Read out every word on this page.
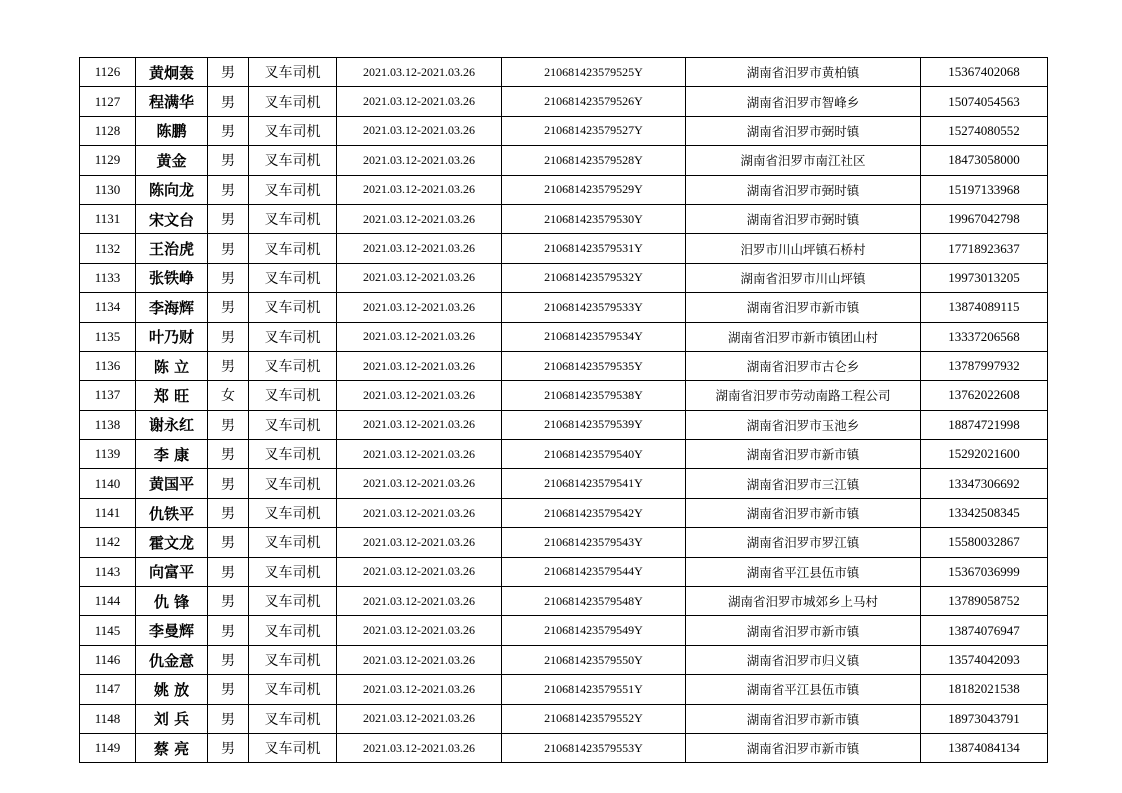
1126	黄炯轰	男	叉车司机	2021.03.12-2021.03.26	210681423579525Y	湖南省汨罗市黄柏镇	15367402068
1127	程满华	男	叉车司机	2021.03.12-2021.03.26	210681423579526Y	湖南省汨罗市智峰乡	15074054563
1128	陈鹏	男	叉车司机	2021.03.12-2021.03.26	210681423579527Y	湖南省汨罗市弼时镇	15274080552
1129	黄金	男	叉车司机	2021.03.12-2021.03.26	210681423579528Y	湖南省汨罗市南江社区	18473058000
1130	陈向龙	男	叉车司机	2021.03.12-2021.03.26	210681423579529Y	湖南省汨罗市弼时镇	15197133968
1131	宋文台	男	叉车司机	2021.03.12-2021.03.26	210681423579530Y	湖南省汨罗市弼时镇	19967042798
1132	王治虎	男	叉车司机	2021.03.12-2021.03.26	210681423579531Y	汨罗市川山坪镇石桥村	17718923637
1133	张铁峥	男	叉车司机	2021.03.12-2021.03.26	210681423579532Y	湖南省汨罗市川山坪镇	19973013205
1134	李海辉	男	叉车司机	2021.03.12-2021.03.26	210681423579533Y	湖南省汨罗市新市镇	13874089115
1135	叶乃财	男	叉车司机	2021.03.12-2021.03.26	210681423579534Y	湖南省汨罗市新市镇团山村	13337206568
1136	陈 立	男	叉车司机	2021.03.12-2021.03.26	210681423579535Y	湖南省汨罗市古仑乡	13787997932
1137	郑 旺	女	叉车司机	2021.03.12-2021.03.26	210681423579538Y	湖南省汨罗市劳动南路工程公司	13762022608
1138	谢永红	男	叉车司机	2021.03.12-2021.03.26	210681423579539Y	湖南省汨罗市玉池乡	18874721998
1139	李 康	男	叉车司机	2021.03.12-2021.03.26	210681423579540Y	湖南省汨罗市新市镇	15292021600
1140	黄国平	男	叉车司机	2021.03.12-2021.03.26	210681423579541Y	湖南省汨罗市三江镇	13347306692
1141	仇铁平	男	叉车司机	2021.03.12-2021.03.26	210681423579542Y	湖南省汨罗市新市镇	13342508345
1142	霍文龙	男	叉车司机	2021.03.12-2021.03.26	210681423579543Y	湖南省汨罗市罗江镇	15580032867
1143	向富平	男	叉车司机	2021.03.12-2021.03.26	210681423579544Y	湖南省平江县伍市镇	15367036999
1144	仇 锋	男	叉车司机	2021.03.12-2021.03.26	210681423579548Y	湖南省汨罗市城郊乡上马村	13789058752
1145	李曼辉	男	叉车司机	2021.03.12-2021.03.26	210681423579549Y	湖南省汨罗市新市镇	13874076947
1146	仇金意	男	叉车司机	2021.03.12-2021.03.26	210681423579550Y	湖南省汨罗市归义镇	13574042093
1147	姚 放	男	叉车司机	2021.03.12-2021.03.26	210681423579551Y	湖南省平江县伍市镇	18182021538
1148	刘 兵	男	叉车司机	2021.03.12-2021.03.26	210681423579552Y	湖南省汨罗市新市镇	18973043791
1149	蔡 亮	男	叉车司机	2021.03.12-2021.03.26	210681423579553Y	湖南省汨罗市新市镇	13874084134
